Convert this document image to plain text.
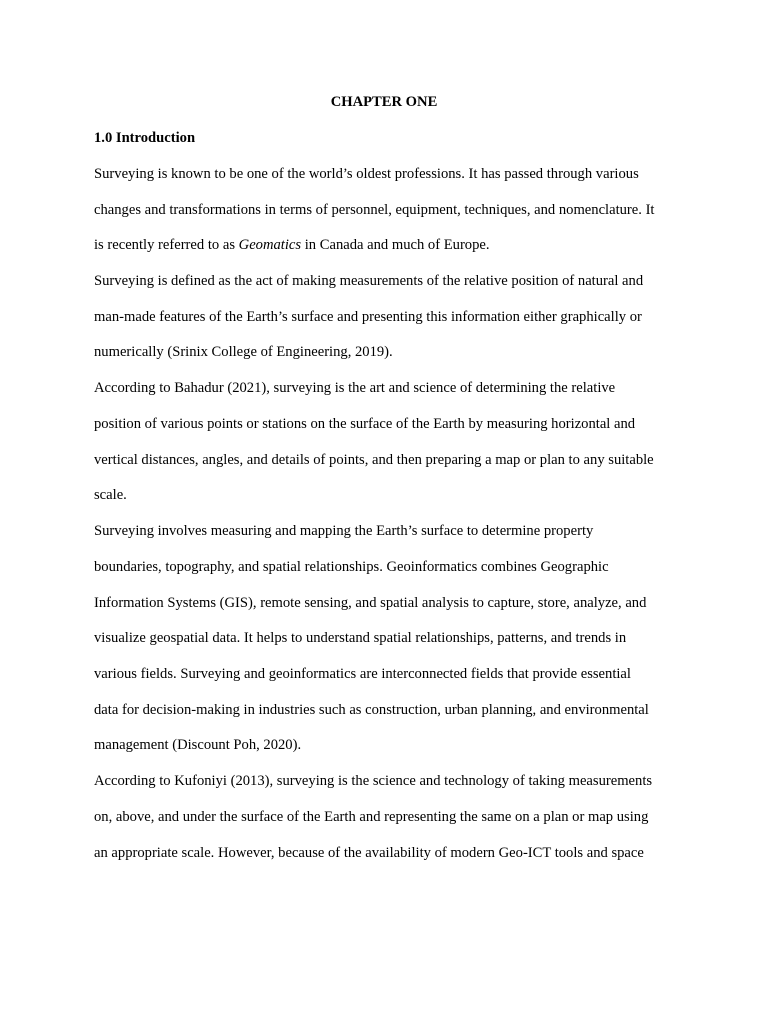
CHAPTER ONE
1.0 Introduction
Surveying is known to be one of the world’s oldest professions. It has passed through various
changes and transformations in terms of personnel, equipment, techniques, and nomenclature. It
is recently referred to as Geomatics in Canada and much of Europe.
Surveying is defined as the act of making measurements of the relative position of natural and
man-made features of the Earth’s surface and presenting this information either graphically or
numerically (Srinix College of Engineering, 2019).
According to Bahadur (2021), surveying is the art and science of determining the relative
position of various points or stations on the surface of the Earth by measuring horizontal and
vertical distances, angles, and details of points, and then preparing a map or plan to any suitable
scale.
Surveying involves measuring and mapping the Earth’s surface to determine property
boundaries, topography, and spatial relationships. Geoinformatics combines Geographic
Information Systems (GIS), remote sensing, and spatial analysis to capture, store, analyze, and
visualize geospatial data. It helps to understand spatial relationships, patterns, and trends in
various fields. Surveying and geoinformatics are interconnected fields that provide essential
data for decision-making in industries such as construction, urban planning, and environmental
management (Discount Poh, 2020).
According to Kufoniyi (2013), surveying is the science and technology of taking measurements
on, above, and under the surface of the Earth and representing the same on a plan or map using
an appropriate scale. However, because of the availability of modern Geo-ICT tools and space
